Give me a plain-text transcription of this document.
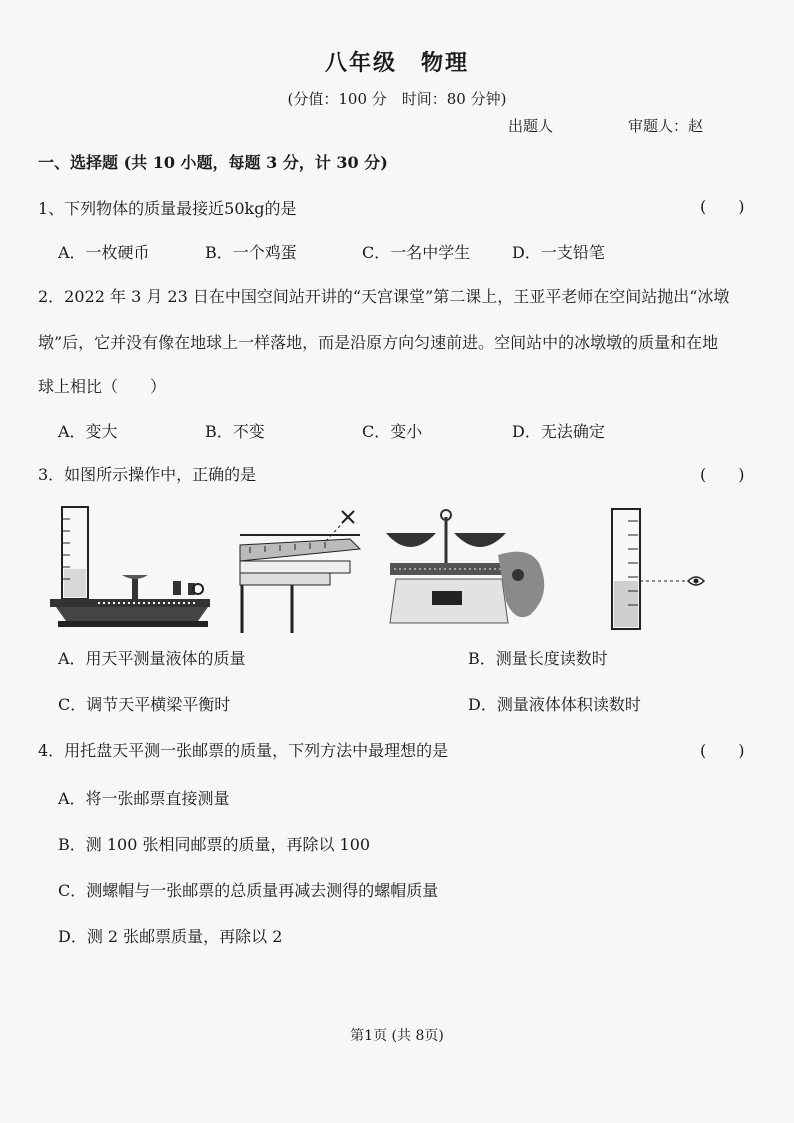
八年级　物理
(分值：100 分　时间：80 分钟)
出题人	审题人：赵　
一、选择题 (共 10 小题，每题 3 分，计 30 分)
1、下列物体的质量最接近50kg的是	(　　)
A．一枚硬币	B．一个鸡蛋	C．一名中学生	D．一支铅笔
2．2022 年 3 月 23 日在中国空间站开讲的“天宫课堂”第二课上，王亚平老师在空间站抛出“冰墩
墩”后，它并没有像在地球上一样落地，而是沿原方向匀速前进。空间站中的冰墩墩的质量和在地
球上相比（　　）
A．变大	B．不变	C．变小	D．无法确定
3．如图所示操作中，正确的是	(　　)
A．用天平测量液体的质量	B．测量长度读数时
C．调节天平横梁平衡时	D．测量液体体积读数时
4．用托盘天平测一张邮票的质量，下列方法中最理想的是	(　　)
A．将一张邮票直接测量
B．测 100 张相同邮票的质量，再除以 100
C．测螺帽与一张邮票的总质量再减去测得的螺帽质量
D．测 2 张邮票质量，再除以 2
第1页 (共 8页)
